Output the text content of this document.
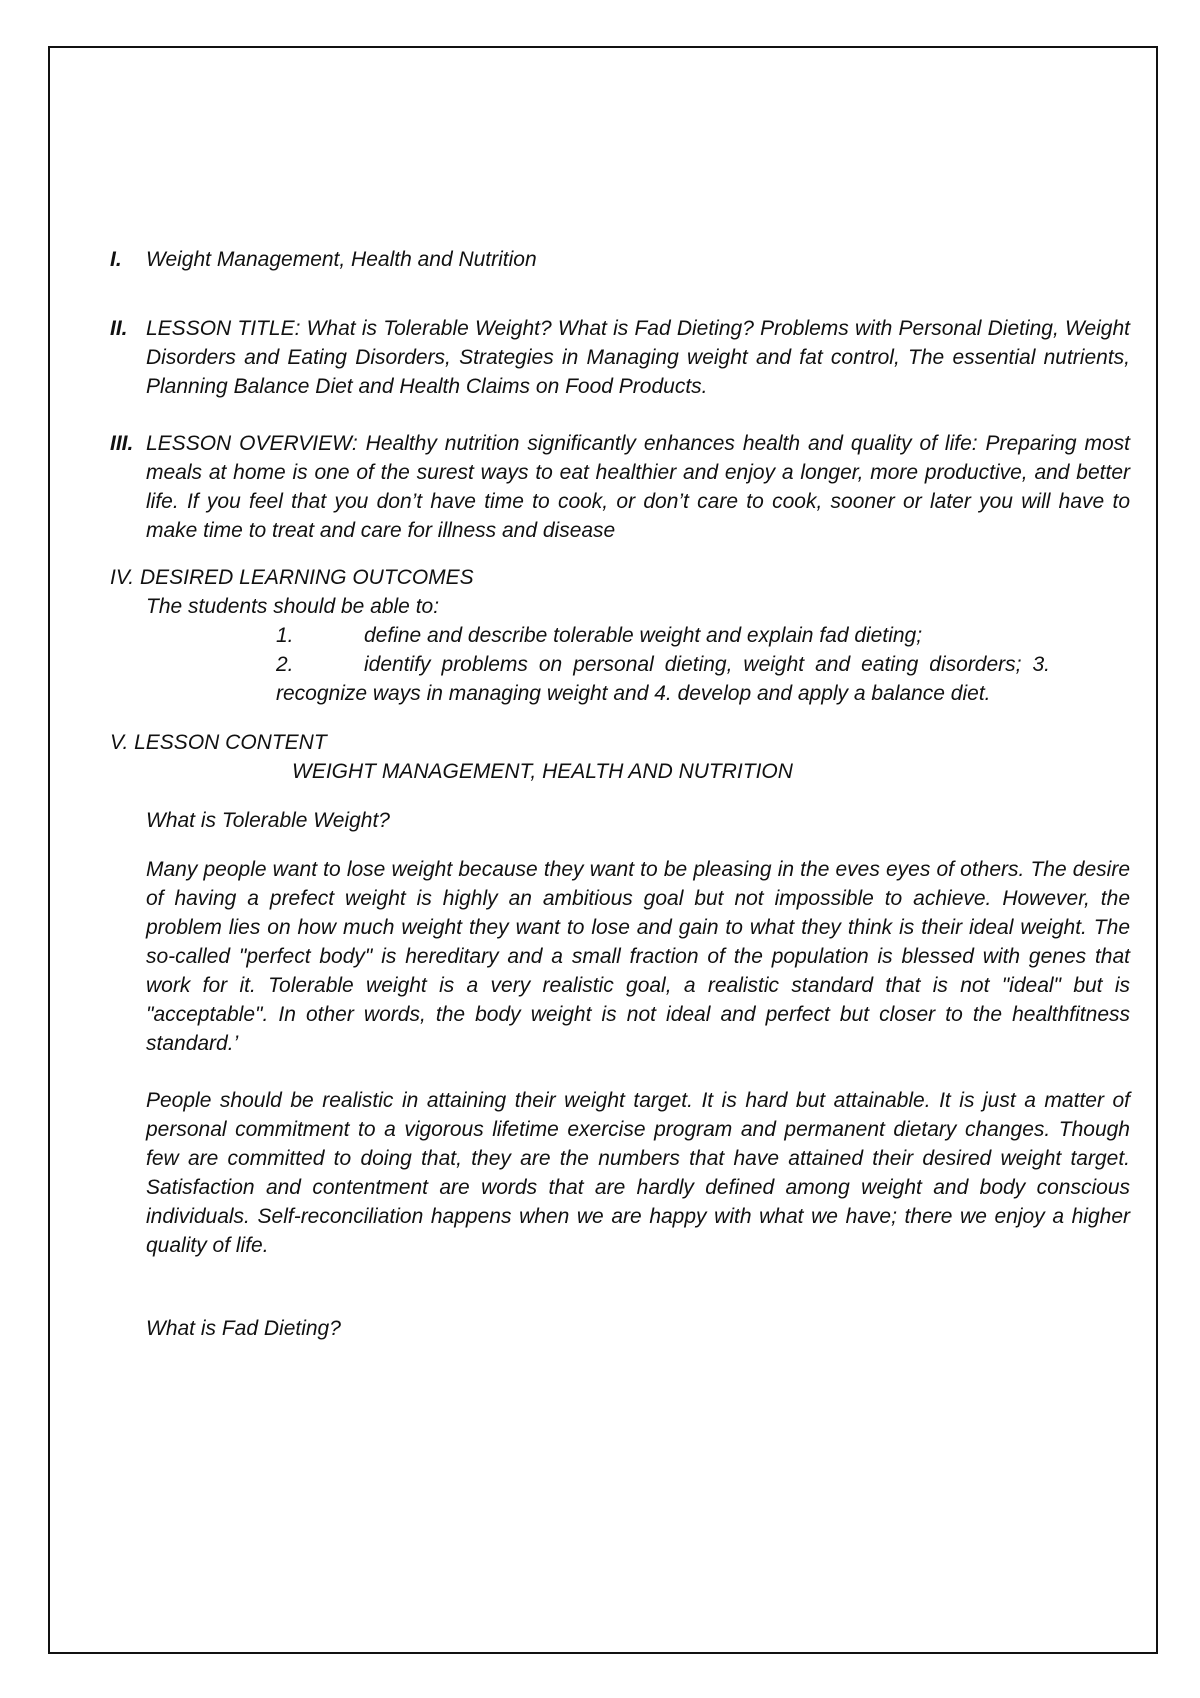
I. Weight Management, Health and Nutrition
II. LESSON TITLE: What is Tolerable Weight? What is Fad Dieting? Problems with Personal Dieting, Weight Disorders and Eating Disorders, Strategies in Managing weight and fat control, The essential nutrients, Planning Balance Diet and Health Claims on Food Products.
III. LESSON OVERVIEW: Healthy nutrition significantly enhances health and quality of life: Preparing most meals at home is one of the surest ways to eat healthier and enjoy a longer, more productive, and better life. If you feel that you don’t have time to cook, or don’t care to cook, sooner or later you will have to make time to treat and care for illness and disease
IV. DESIRED LEARNING OUTCOMES
The students should be able to:
1.	define and describe tolerable weight and explain fad dieting;
2.	identify problems on personal dieting, weight and eating disorders; 3. recognize ways in managing weight and 4. develop and apply a balance diet.
V. LESSON CONTENT
WEIGHT MANAGEMENT, HEALTH AND NUTRITION
What is Tolerable Weight?
Many people want to lose weight because they want to be pleasing in the eves eyes of others. The desire of having a prefect weight is highly an ambitious goal but not impossible to achieve. However, the problem lies on how much weight they want to lose and gain to what they think is their ideal weight. The so-called "perfect body" is hereditary and a small fraction of the population is blessed with genes that work for it. Tolerable weight is a very realistic goal, a realistic standard that is not "ideal" but is "acceptable". In other words, the body weight is not ideal and perfect but closer to the healthfitness standard.’
People should be realistic in attaining their weight target. It is hard but attainable. It is just a matter of personal commitment to a vigorous lifetime exercise program and permanent dietary changes. Though few are committed to doing that, they are the numbers that have attained their desired weight target. Satisfaction and contentment are words that are hardly defined among weight and body conscious individuals. Self-reconciliation happens when we are happy with what we have; there we enjoy a higher quality of life.
What is Fad Dieting?
